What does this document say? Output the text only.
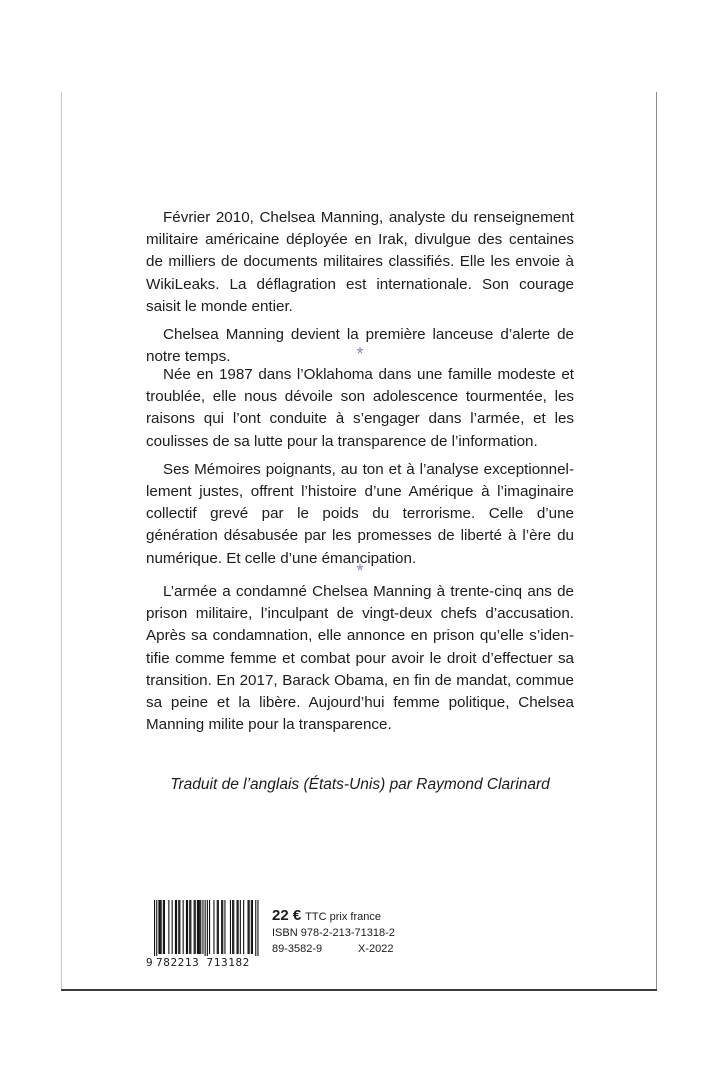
Février 2010, Chelsea Manning, analyste du renseignement militaire américaine déployée en Irak, divulgue des centaines de milliers de documents militaires classifiés. Elle les envoie à WikiLeaks. La déflagration est internationale. Son courage saisit le monde entier.

Chelsea Manning devient la première lanceuse d’alerte de notre temps.	*

Née en 1987 dans l’Oklahoma dans une famille modeste et troublée, elle nous dévoile son adolescence tourmentée, les raisons qui l’ont conduite à s’engager dans l’armée, et les coulisses de sa lutte pour la transparence de l’information.

Ses Mémoires poignants, au ton et à l’analyse exceptionnellement justes, offrent l’histoire d’une Amérique à l’imaginaire collectif grevé par le poids du terrorisme. Celle d’une génération désabusée par les promesses de liberté à l’ère du numérique. Et celle d’une émancipation.

*

L’armée a condamné Chelsea Manning à trente-cinq ans de prison militaire, l’inculpant de vingt-deux chefs d’accusation. Après sa condamnation, elle annonce en prison qu’elle s’identifie comme femme et combat pour avoir le droit d’effectuer sa transition. En 2017, Barack Obama, en fin de mandat, commue sa peine et la libère. Aujourd’hui femme politique, Chelsea Manning milite pour la transparence.

Traduit de l’anglais (États-Unis) par Raymond Clarinard
9 782213 713182
22 € TTC prix france
ISBN 978-2-213-71318-2
89-3582-9	X-2022
